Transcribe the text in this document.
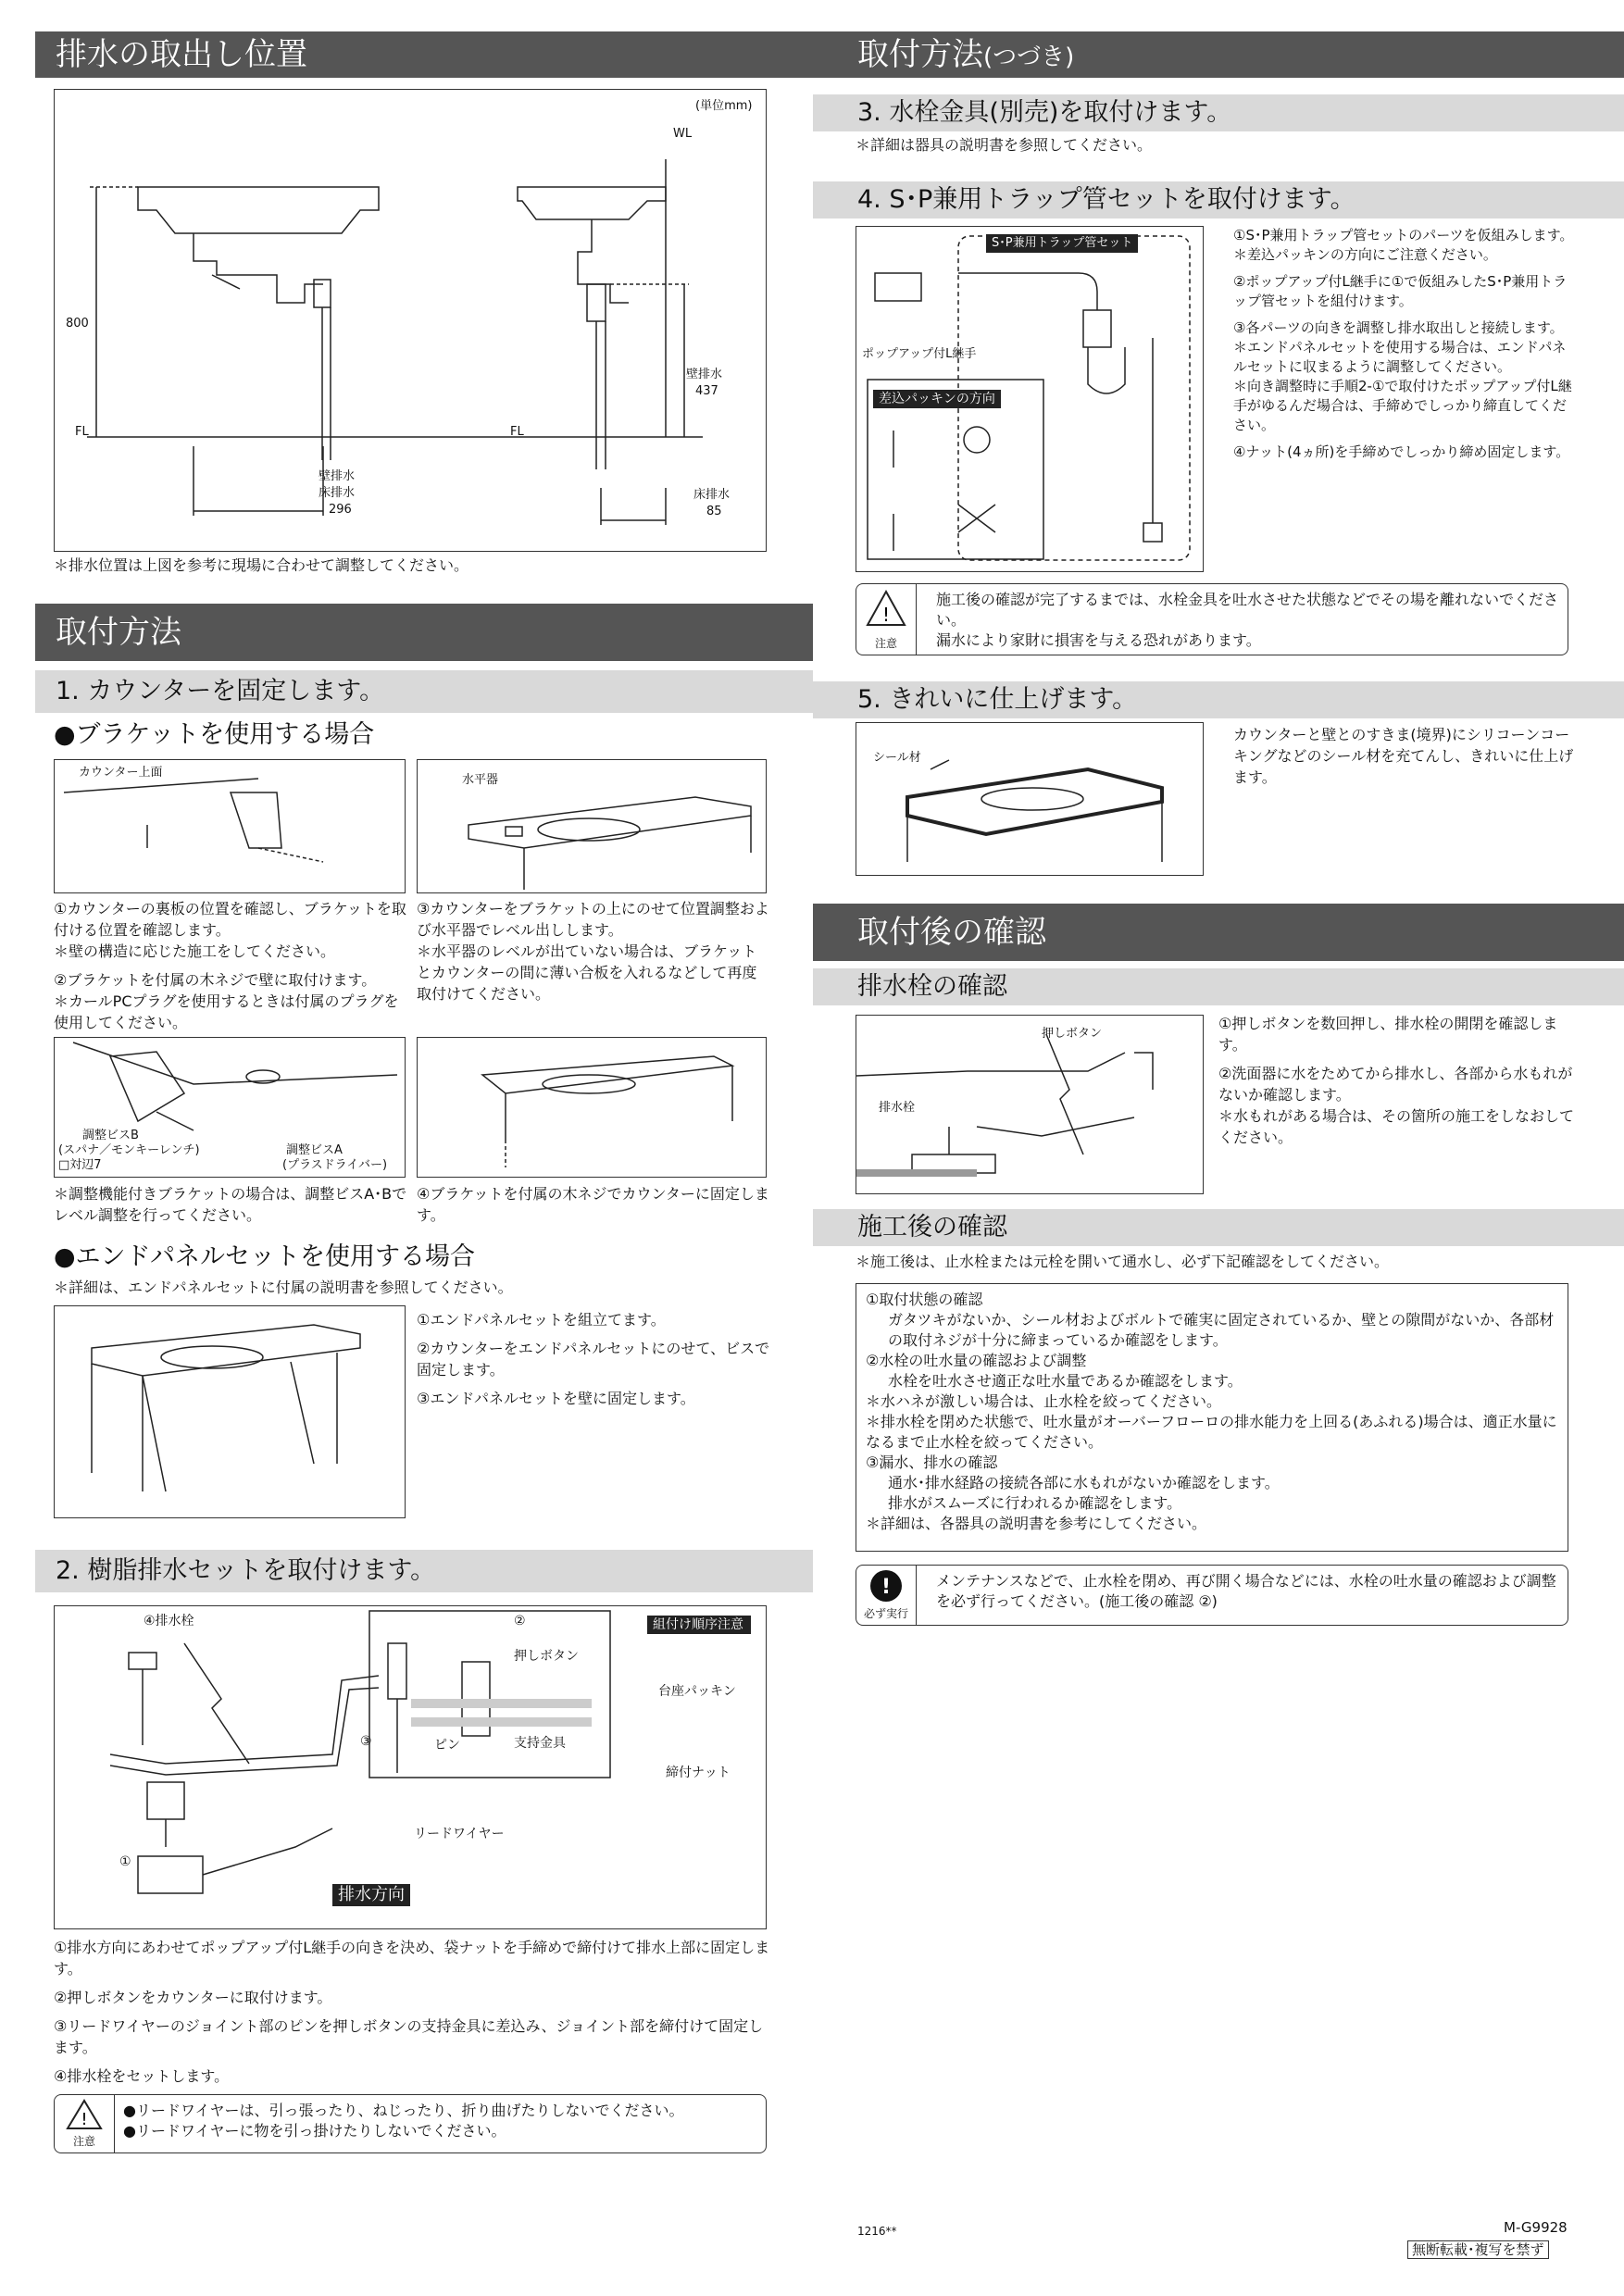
排水の取出し位置
(単位mm)
WL
800
FL	FL
壁排水
床排水
296
壁排水
437
床排水
85
＊排水位置は上図を参考に現場に合わせて調整してください。
取付方法
1. カウンターを固定します。
●ブラケットを使用する場合
カウンター上面
水平器

①カウンターの裏板の位置を確認し、ブラケットを取付ける位置を確認します。

＊壁の構造に応じた施工をしてください。

②ブラケットを付属の木ネジで壁に取付けます。

＊カールPCプラグを使用するときは付属のプラグを使用してください。

③カウンターをブラケットの上にのせて位置調整および水平器でレベル出しします。

＊水平器のレベルが出ていない場合は、ブラケットとカウンターの間に薄い合板を入れるなどして再度取付けてください。

調整ビスB
(スパナ／モンキーレンチ)
□対辺7
調整ビスA
(プラスドライバー)
＊調整機能付きブラケットの場合は、調整ビスA･Bでレベル調整を行ってください。
④ブラケットを付属の木ネジでカウンターに固定します。
●エンドパネルセットを使用する場合
＊詳細は、エンドパネルセットに付属の説明書を参照してください。

①エンドパネルセットを組立てます。

②カウンターをエンドパネルセットにのせて、ビスで固定します。

③エンドパネルセットを壁に固定します。

2. 樹脂排水セットを取付けます。
④排水栓	②	組付け順序注意
押しボタン
台座パッキン
支持金具
締付ナット
③	ピン
リードワイヤー
①
排水方向

①排水方向にあわせてポップアップ付L継手の向きを決め、袋ナットを手締めで締付けて排水上部に固定します。

②押しボタンをカウンターに取付けます。

③リードワイヤーのジョイント部のピンを押しボタンの支持金具に差込み、ジョイント部を締付けて固定します。

④排水栓をセットします。

!
注意

●リードワイヤーは、引っ張ったり、ねじったり、折り曲げたりしないでください。

●リードワイヤーに物を引っ掛けたりしないでください。

取付方法(つづき)
3. 水栓金具(別売)を取付けます。
＊詳細は器具の説明書を参照してください。
4. S･P兼用トラップ管セットを取付けます。
S･P兼用トラップ管セット
ポップアップ付L継手
差込パッキンの方向

①S･P兼用トラップ管セットのパーツを仮組みします。

＊差込パッキンの方向にご注意ください。

②ポップアップ付L継手に①で仮組みしたS･P兼用トラップ管セットを組付けます。

③各パーツの向きを調整し排水取出しと接続します。

＊エンドパネルセットを使用する場合は、エンドパネルセットに収まるように調整してください。

＊向き調整時に手順2-①で取付けたポップアップ付L継手がゆるんだ場合は、手締めでしっかり締直してください。

④ナット(4ヵ所)を手締めでしっかり締め固定します。

!
注意

施工後の確認が完了するまでは、水栓金具を吐水させた状態などでその場を離れないでください。

漏水により家財に損害を与える恐れがあります。

5. きれいに仕上げます。
シール材
カウンターと壁とのすきま(境界)にシリコーンコーキングなどのシール材を充てんし、きれいに仕上げます。
取付後の確認
排水栓の確認
押しボタン
排水栓

①押しボタンを数回押し、排水栓の開閉を確認します。

②洗面器に水をためてから排水し、各部から水もれがないか確認します。

＊水もれがある場合は、その箇所の施工をしなおしてください。

施工後の確認
＊施工後は、止水栓または元栓を開いて通水し、必ず下記確認をしてください。

①取付状態の確認

ガタツキがないか、シール材およびボルトで確実に固定されているか、壁との隙間がないか、各部材の取付ネジが十分に締まっているか確認をします。

②水栓の吐水量の確認および調整

水栓を吐水させ適正な吐水量であるか確認をします。

＊水ハネが激しい場合は、止水栓を絞ってください。

＊排水栓を閉めた状態で、吐水量がオーバーフローロの排水能力を上回る(あふれる)場合は、適正水量になるまで止水栓を絞ってください。

③漏水、排水の確認

通水･排水経路の接続各部に水もれがないか確認をします。

排水がスムーズに行われるか確認をします。

＊詳細は、各器具の説明書を参考にしてください。

!
必ず実行
メンテナンスなどで、止水栓を閉め、再び開く場合などには、水栓の吐水量の確認および調整を必ず行ってください。(施工後の確認 ②)
1216**	M-G9928
無断転載･複写を禁ず
